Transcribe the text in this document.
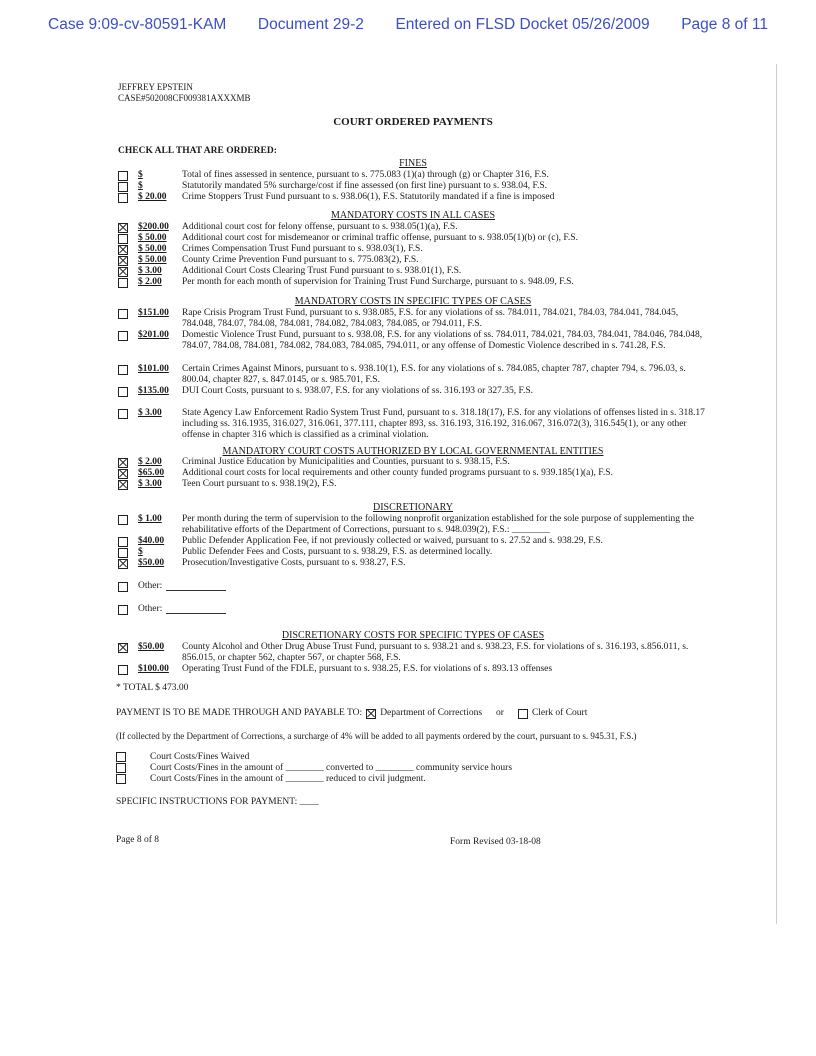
Case 9:09-cv-80591-KAM Document 29-2 Entered on FLSD Docket 05/26/2009 Page 8 of 11
JEFFREY EPSTEIN
CASE#502008CF009381AXXXMB
COURT ORDERED PAYMENTS
CHECK ALL THAT ARE ORDERED:
FINES
$	Total of fines assessed in sentence, pursuant to s. 775.083 (1)(a) through (g) or Chapter 316, F.S.
$	Statutorily mandated 5% surcharge/cost if fine assessed (on first line) pursuant to s. 938.04, F.S.
$ 20.00	Crime Stoppers Trust Fund pursuant to s. 938.06(1), F.S. Statutorily mandated if a fine is imposed
MANDATORY COSTS IN ALL CASES
$200.00	Additional court cost for felony offense, pursuant to s. 938.05(1)(a), F.S.
$ 50.00	Additional court cost for misdemeanor or criminal traffic offense, pursuant to s. 938.05(1)(b) or (c), F.S.
$ 50.00	Crimes Compensation Trust Fund pursuant to s. 938.03(1), F.S.
$ 50.00	County Crime Prevention Fund pursuant to s. 775.083(2), F.S.
$ 3.00	Additional Court Costs Clearing Trust Fund pursuant to s. 938.01(1), F.S.
$ 2.00	Per month for each month of supervision for Training Trust Fund Surcharge, pursuant to s. 948.09, F.S.
MANDATORY COSTS IN SPECIFIC TYPES OF CASES
$151.00	Rape Crisis Program Trust Fund, pursuant to s. 938.085, F.S. for any violations of ss. 784.011, 784.021, 784.03, 784.041, 784.045, 784.048, 784.07, 784.08, 784.081, 784.082, 784.083, 784.085, or 794.011, F.S.
$201.00	Domestic Violence Trust Fund, pursuant to s. 938.08, F.S. for any violations of ss. 784.011, 784.021, 784.03, 784.041, 784.046, 784.048, 784.07, 784.08, 784.081, 784.082, 784.083, 784.085, 794.011, or any offense of Domestic Violence described in s. 741.28, F.S.
$101.00	Certain Crimes Against Minors, pursuant to s. 938.10(1), F.S. for any violations of s. 784.085, chapter 787, chapter 794, s. 796.03, s. 800.04, chapter 827, s. 847.0145, or s. 985.701, F.S.
$135.00	DUI Court Costs, pursuant to s. 938.07, F.S. for any violations of ss. 316.193 or 327.35, F.S.
$ 3.00	State Agency Law Enforcement Radio System Trust Fund, pursuant to s. 318.18(17), F.S. for any violations of offenses listed in s. 318.17 including ss. 316.1935, 316.027, 316.061, 377.111, chapter 893, ss. 316.193, 316.192, 316.067, 316.072(3), 316.545(1), or any other offense in chapter 316 which is classified as a criminal violation.
MANDATORY COURT COSTS AUTHORIZED BY LOCAL GOVERNMENTAL ENTITIES
$ 2.00	Criminal Justice Education by Municipalities and Counties, pursuant to s. 938.15, F.S.
$65.00	Additional court costs for local requirements and other county funded programs pursuant to s. 939.185(1)(a), F.S.
$ 3.00	Teen Court pursuant to s. 938.19(2), F.S.
DISCRETIONARY
$ 1.00	Per month during the term of supervision to the following nonprofit organization established for the sole purpose of supplementing the rehabilitative efforts of the Department of Corrections, pursuant to s. 948.039(2), F.S.: ________
$40.00	Public Defender Application Fee, if not previously collected or waived, pursuant to s. 27.52 and s. 938.29, F.S.
$	Public Defender Fees and Costs, pursuant to s. 938.29, F.S. as determined locally.
$50.00	Prosecution/Investigative Costs, pursuant to s. 938.27, F.S.
Other:
Other:
DISCRETIONARY COSTS FOR SPECIFIC TYPES OF CASES
$50.00	County Alcohol and Other Drug Abuse Trust Fund, pursuant to s. 938.21 and s. 938.23, F.S. for violations of s. 316.193, s.856.011, s. 856.015, or chapter 562, chapter 567, or chapter 568, F.S.
$100.00	Operating Trust Fund of the FDLE, pursuant to s. 938.25, F.S. for violations of s. 893.13 offenses
* TOTAL $ 473.00
PAYMENT IS TO BE MADE THROUGH AND PAYABLE TO: Department of Corrections or	Clerk of Court
(If collected by the Department of Corrections, a surcharge of 4% will be added to all payments ordered by the court, pursuant to s. 945.31, F.S.)
Court Costs/Fines Waived
Court Costs/Fines in the amount of ________ converted to ________ community service hours
Court Costs/Fines in the amount of ________ reduced to civil judgment.
SPECIFIC INSTRUCTIONS FOR PAYMENT: ____
Page 8 of 8	Form Revised 03-18-08
